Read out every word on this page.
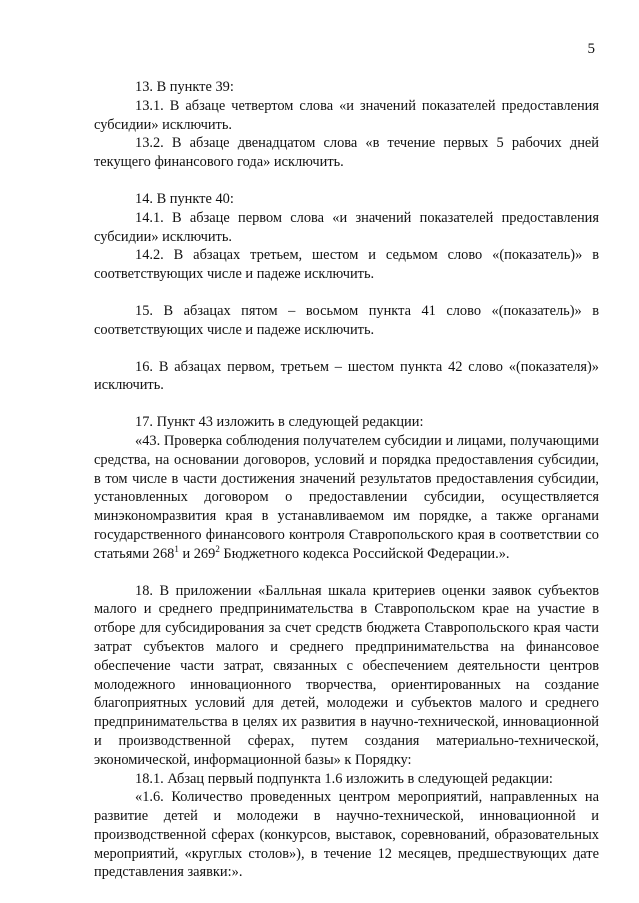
5

13. В пункте 39:

13.1. В абзаце четвертом слова «и значений показателей предоставления субсидии» исключить.

13.2. В абзаце двенадцатом слова «в течение первых 5 рабочих дней текущего финансового года» исключить.

14. В пункте 40:

14.1. В абзаце первом слова «и значений показателей предоставления субсидии» исключить.

14.2. В абзацах третьем, шестом и седьмом слово «(показатель)» в соответствующих числе и падеже исключить.

15. В абзацах пятом – восьмом пункта 41 слово «(показатель)» в соответствующих числе и падеже исключить.

16. В абзацах первом, третьем – шестом пункта 42 слово «(показателя)» исключить.

17. Пункт 43 изложить в следующей редакции:

«43. Проверка соблюдения получателем субсидии и лицами, получающими средства, на основании договоров, условий и порядка предоставления субсидии, в том числе в части достижения значений результатов предоставления субсидии, установленных договором о предоставлении субсидии, осуществляется минэкономразвития края в устанавливаемом им порядке, а также органами государственного финансового контроля Ставропольского края в соответствии со статьями $268^1$ и $269^2$ Бюджетного кодекса Российской Федерации.».

18. В приложении «Балльная шкала критериев оценки заявок субъектов малого и среднего предпринимательства в Ставропольском крае на участие в отборе для субсидирования за счет средств бюджета Ставропольского края части затрат субъектов малого и среднего предпринимательства на финансовое обеспечение части затрат, связанных с обеспечением деятельности центров молодежного инновационного творчества, ориентированных на создание благоприятных условий для детей, молодежи и субъектов малого и среднего предпринимательства в целях их развития в научно-технической, инновационной и производственной сферах, путем создания материально-технической, экономической, информационной базы» к Порядку:

18.1. Абзац первый подпункта 1.6 изложить в следующей редакции:

«1.6. Количество проведенных центром мероприятий, направленных на развитие детей и молодежи в научно-технической, инновационной и производственной сферах (конкурсов, выставок, соревнований, образовательных мероприятий, «круглых столов»), в течение 12 месяцев, предшествующих дате представления заявки:».
